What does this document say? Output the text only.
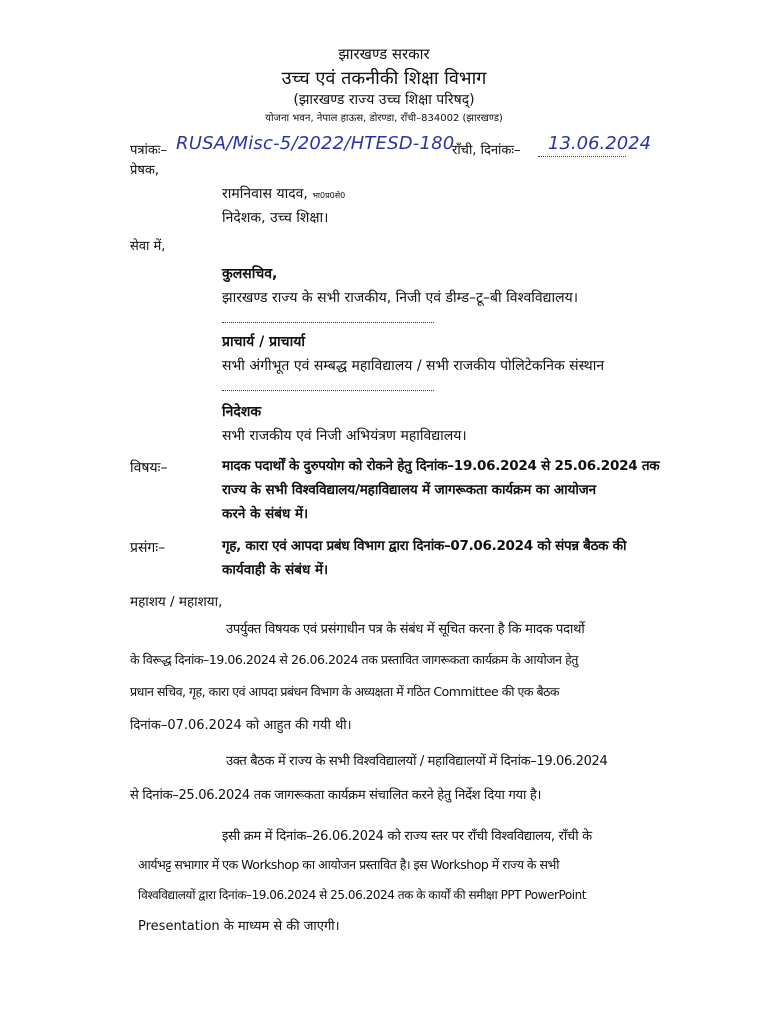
झारखण्ड सरकार
उच्च एवं तकनीकी शिक्षा विभाग
(झारखण्ड राज्य उच्च शिक्षा परिषद्)
योजना भवन, नेपाल हाऊस, डोरण्डा, राँची–834002 (झारखण्ड)
पत्रांकः– RUSA/Misc-5/2022/HTESD-180
राँची, दिनांकः– 13.06.2024
प्रेषक,
रामनिवास यादव, भा0प्र0से0
निदेशक, उच्च शिक्षा।
सेवा में,
कुलसचिव,
झारखण्ड राज्य के सभी राजकीय, निजी एवं डीम्ड–टू–बी विश्वविद्यालय।
प्राचार्य / प्राचार्या
सभी अंगीभूत एवं सम्बद्ध महाविद्यालय / सभी राजकीय पोलिटेकनिक संस्थान
निदेशक
सभी राजकीय एवं निजी अभियंत्रण महाविद्यालय।
विषयः–	मादक पदार्थों के दुरुपयोग को रोकने हेतु दिनांक–19.06.2024 से 25.06.2024 तक
राज्य के सभी विश्वविद्यालय/महाविद्यालय में जागरूकता कार्यक्रम का आयोजन
करने के संबंध में।
प्रसंगः–	गृह, कारा एवं आपदा प्रबंध विभाग द्वारा दिनांक–07.06.2024 को संपन्न बैठक की
कार्यवाही के संबंध में।
महाशय / महाशया,
उपर्युक्त विषयक एवं प्रसंगाधीन पत्र के संबंध में सूचित करना है कि मादक पदार्थो
के विरूद्ध दिनांक–19.06.2024 से 26.06.2024 तक प्रस्तावित जागरूकता कार्यक्रम के आयोजन हेतु
प्रधान सचिव, गृह, कारा एवं आपदा प्रबंधन विभाग के अध्यक्षता में गठित Committee की एक बैठक
दिनांक–07.06.2024 को आहुत की गयी थी।
उक्त बैठक में राज्य के सभी विश्वविद्यालयों / महाविद्यालयों में दिनांक–19.06.2024
से दिनांक–25.06.2024 तक जागरूकता कार्यक्रम संचालित करने हेतु निर्देश दिया गया है।
इसी क्रम में दिनांक–26.06.2024 को राज्य स्तर पर राँची विश्वविद्यालय, राँची के
आर्यभट्ट सभागार में एक Workshop का आयोजन प्रस्तावित है। इस Workshop में राज्य के सभी
विश्वविद्यालयों द्वारा दिनांक–19.06.2024 से 25.06.2024 तक के कार्यों की समीक्षा PPT PowerPoint
Presentation के माध्यम से की जाएगी।
